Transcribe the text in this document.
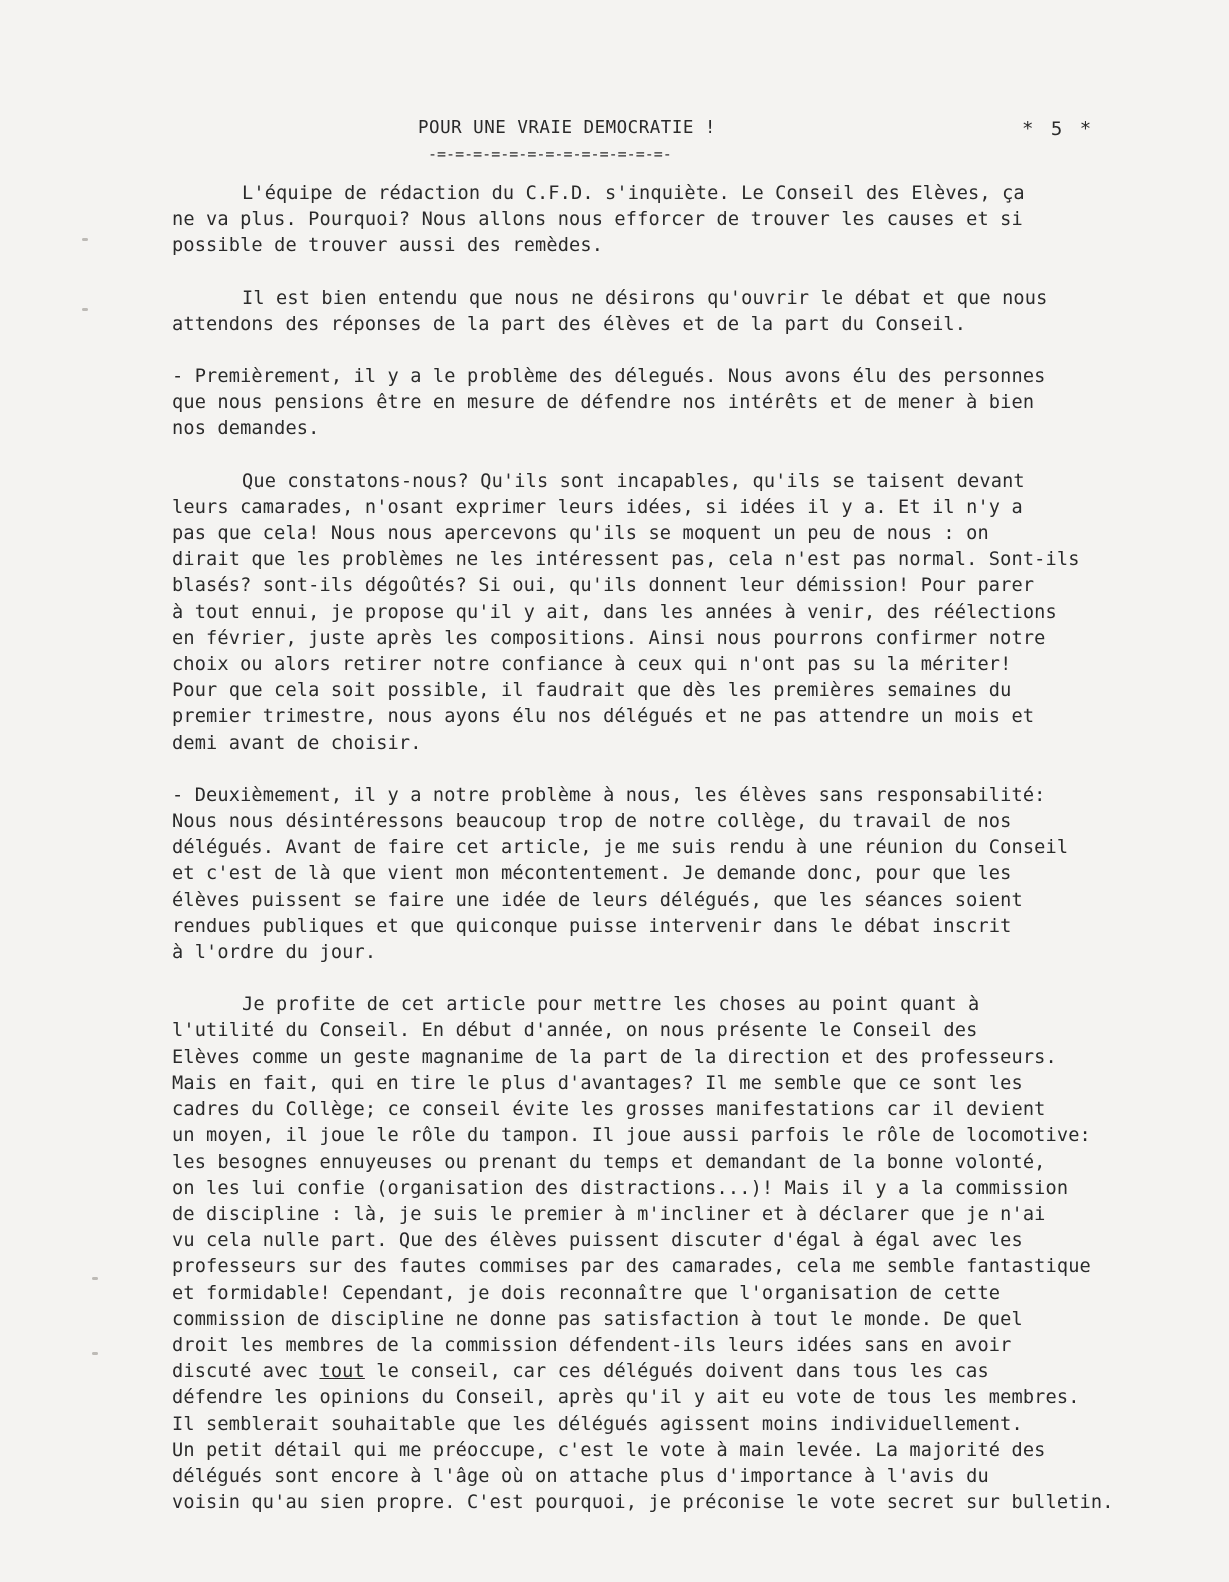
POUR UNE VRAIE DEMOCRATIE !
-=-=-=-=-=-=-=-=-=-=-=-=-=-
* 5 *
L'équipe de rédaction du C.F.D. s'inquiète. Le Conseil des Elèves, ça
ne va plus. Pourquoi? Nous allons nous efforcer de trouver les causes et si
possible de trouver aussi des remèdes.
Il est bien entendu que nous ne désirons qu'ouvrir le débat et que nous
attendons des réponses de la part des élèves et de la part du Conseil.
- Premièrement, il y a le problème des délegués. Nous avons élu des personnes
que nous pensions être en mesure de défendre nos intérêts et de mener à bien
nos demandes.
Que constatons-nous? Qu'ils sont incapables, qu'ils se taisent devant
leurs camarades, n'osant exprimer leurs idées, si idées il y a. Et il n'y a
pas que cela! Nous nous apercevons qu'ils se moquent un peu de nous : on
dirait que les problèmes ne les intéressent pas, cela n'est pas normal. Sont-ils
blasés? sont-ils dégoûtés? Si oui, qu'ils donnent leur démission! Pour parer
à tout ennui, je propose qu'il y ait, dans les années à venir, des réélections
en février, juste après les compositions. Ainsi nous pourrons confirmer notre
choix ou alors retirer notre confiance à ceux qui n'ont pas su la mériter!
Pour que cela soit possible, il faudrait que dès les premières semaines du
premier trimestre, nous ayons élu nos délégués et ne pas attendre un mois et
demi avant de choisir.
- Deuxièmement, il y a notre problème à nous, les élèves sans responsabilité:
Nous nous désintéressons beaucoup trop de notre collège, du travail de nos
délégués. Avant de faire cet article, je me suis rendu à une réunion du Conseil
et c'est de là que vient mon mécontentement. Je demande donc, pour que les
élèves puissent se faire une idée de leurs délégués, que les séances soient
rendues publiques et que quiconque puisse intervenir dans le débat inscrit
à l'ordre du jour.
Je profite de cet article pour mettre les choses au point quant à
l'utilité du Conseil. En début d'année, on nous présente le Conseil des
Elèves comme un geste magnanime de la part de la direction et des professeurs.
Mais en fait, qui en tire le plus d'avantages? Il me semble que ce sont les
cadres du Collège; ce conseil évite les grosses manifestations car il devient
un moyen, il joue le rôle du tampon. Il joue aussi parfois le rôle de locomotive:
les besognes ennuyeuses ou prenant du temps et demandant de la bonne volonté,
on les lui confie (organisation des distractions...)! Mais il y a la commission
de discipline : là, je suis le premier à m'incliner et à déclarer que je n'ai
vu cela nulle part. Que des élèves puissent discuter d'égal à égal avec les
professeurs sur des fautes commises par des camarades, cela me semble fantastique
et formidable! Cependant, je dois reconnaître que l'organisation de cette
commission de discipline ne donne pas satisfaction à tout le monde. De quel
droit les membres de la commission défendent-ils leurs idées sans en avoir
discuté avec tout le conseil, car ces délégués doivent dans tous les cas
défendre les opinions du Conseil, après qu'il y ait eu vote de tous les membres.
Il semblerait souhaitable que les délégués agissent moins individuellement.
Un petit détail qui me préoccupe, c'est le vote à main levée. La majorité des
délégués sont encore à l'âge où on attache plus d'importance à l'avis du
voisin qu'au sien propre. C'est pourquoi, je préconise le vote secret sur bulletin.
